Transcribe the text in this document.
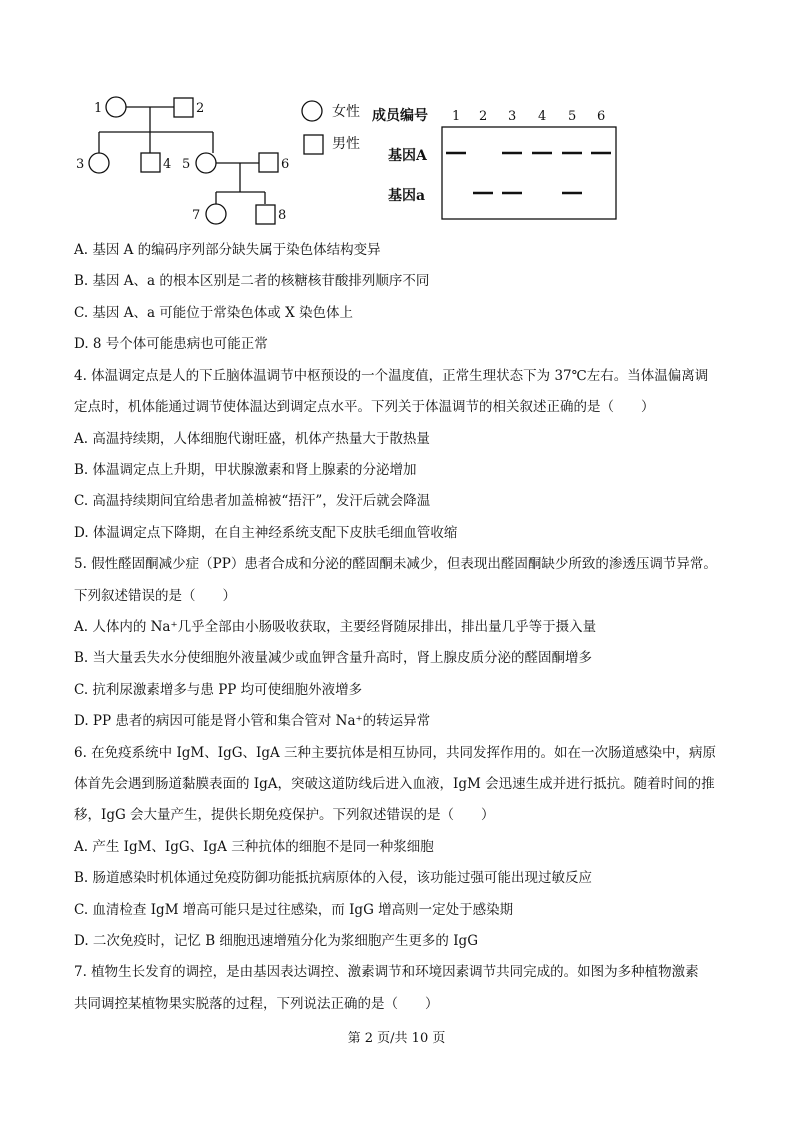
1	2
3	4 5	6
7	8
女性
男性
成员编号 1 2 3 4 5 6
基因A
基因a
A. 基因 A 的编码序列部分缺失属于染色体结构变异
B. 基因 A、a 的根本区别是二者的核糖核苷酸排列顺序不同
C. 基因 A、a 可能位于常染色体或 X 染色体上
D. 8 号个体可能患病也可能正常
4. 体温调定点是人的下丘脑体温调节中枢预设的一个温度值，正常生理状态下为 37℃左右。当体温偏离调
定点时，机体能通过调节使体温达到调定点水平。下列关于体温调节的相关叙述正确的是（　　）
A. 高温持续期，人体细胞代谢旺盛，机体产热量大于散热量
B. 体温调定点上升期，甲状腺激素和肾上腺素的分泌增加
C. 高温持续期间宜给患者加盖棉被“捂汗”，发汗后就会降温
D. 体温调定点下降期，在自主神经系统支配下皮肤毛细血管收缩
5. 假性醛固酮减少症（PP）患者合成和分泌的醛固酮未减少，但表现出醛固酮缺少所致的渗透压调节异常。
下列叙述错误的是（　　）
A. 人体内的 Na⁺几乎全部由小肠吸收获取，主要经肾随尿排出，排出量几乎等于摄入量
B. 当大量丢失水分使细胞外液量减少或血钾含量升高时，肾上腺皮质分泌的醛固酮增多
C. 抗利尿激素增多与患 PP 均可使细胞外液增多
D. PP 患者的病因可能是肾小管和集合管对 Na⁺的转运异常
6. 在免疫系统中 IgM、IgG、IgA 三种主要抗体是相互协同，共同发挥作用的。如在一次肠道感染中，病原
体首先会遇到肠道黏膜表面的 IgA，突破这道防线后进入血液，IgM 会迅速生成并进行抵抗。随着时间的推
移，IgG 会大量产生，提供长期免疫保护。下列叙述错误的是（　　）
A. 产生 IgM、IgG、IgA 三种抗体的细胞不是同一种浆细胞
B. 肠道感染时机体通过免疫防御功能抵抗病原体的入侵，该功能过强可能出现过敏反应
C. 血清检查 IgM 增高可能只是过往感染，而 IgG 增高则一定处于感染期
D. 二次免疫时，记忆 B 细胞迅速增殖分化为浆细胞产生更多的 IgG
7. 植物生长发育的调控，是由基因表达调控、激素调节和环境因素调节共同完成的。如图为多种植物激素
共同调控某植物果实脱落的过程，下列说法正确的是（　　）
第 2 页/共 10 页
